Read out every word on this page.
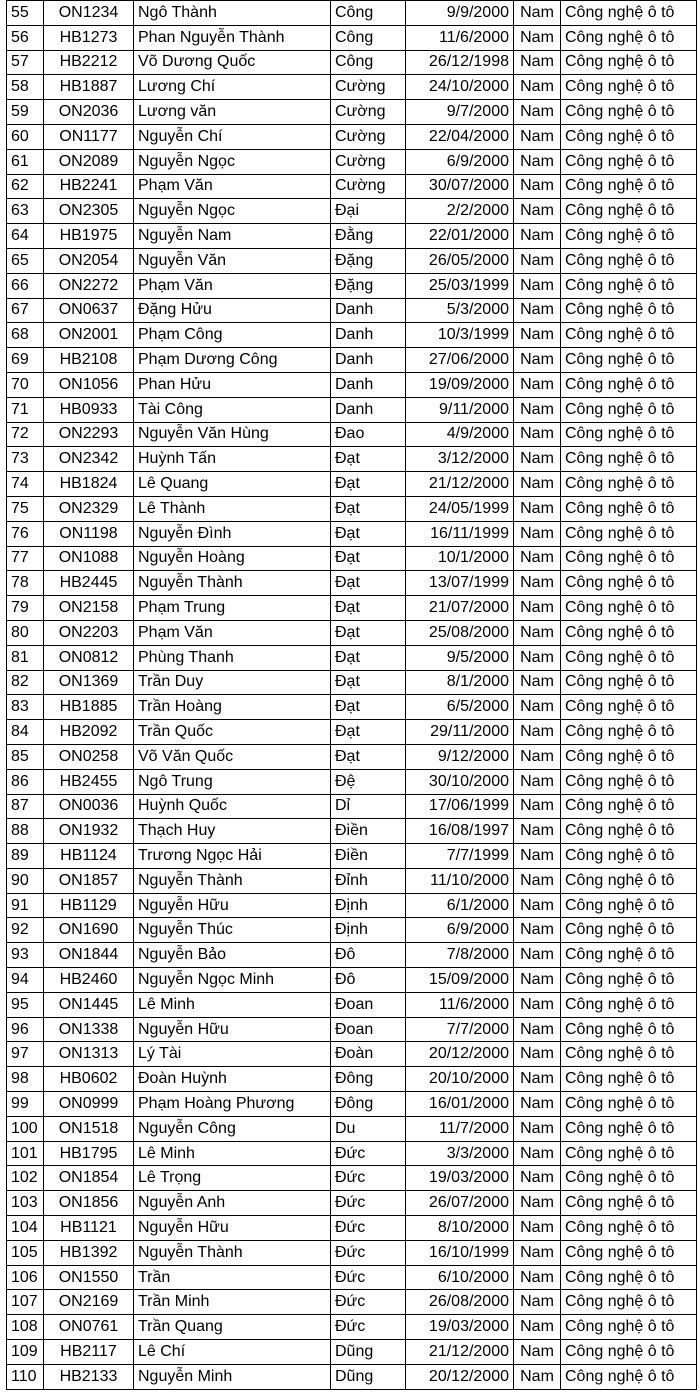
55	ON1234	Ngô Thành	Công	9/9/2000	Nam	Công nghệ ô tô
56	HB1273	Phan Nguyễn Thành	Công	11/6/2000	Nam	Công nghệ ô tô
57	HB2212	Võ Dương Quốc	Công	26/12/1998	Nam	Công nghệ ô tô
58	HB1887	Lương Chí	Cường	24/10/2000	Nam	Công nghệ ô tô
59	ON2036	Lương văn	Cường	9/7/2000	Nam	Công nghệ ô tô
60	ON1177	Nguyễn Chí	Cường	22/04/2000	Nam	Công nghệ ô tô
61	ON2089	Nguyễn Ngọc	Cường	6/9/2000	Nam	Công nghệ ô tô
62	HB2241	Phạm Văn	Cường	30/07/2000	Nam	Công nghệ ô tô
63	ON2305	Nguyễn Ngọc	Đại	2/2/2000	Nam	Công nghệ ô tô
64	HB1975	Nguyễn Nam	Đằng	22/01/2000	Nam	Công nghệ ô tô
65	ON2054	Nguyễn Văn	Đặng	26/05/2000	Nam	Công nghệ ô tô
66	ON2272	Phạm Văn	Đặng	25/03/1999	Nam	Công nghệ ô tô
67	ON0637	Đặng Hửu	Danh	5/3/2000	Nam	Công nghệ ô tô
68	ON2001	Phạm Công	Danh	10/3/1999	Nam	Công nghệ ô tô
69	HB2108	Phạm Dương Công	Danh	27/06/2000	Nam	Công nghệ ô tô
70	ON1056	Phan Hửu	Danh	19/09/2000	Nam	Công nghệ ô tô
71	HB0933	Tài Công	Danh	9/11/2000	Nam	Công nghệ ô tô
72	ON2293	Nguyễn Văn Hùng	Đao	4/9/2000	Nam	Công nghệ ô tô
73	ON2342	Huỳnh Tấn	Đạt	3/12/2000	Nam	Công nghệ ô tô
74	HB1824	Lê Quang	Đạt	21/12/2000	Nam	Công nghệ ô tô
75	ON2329	Lê Thành	Đạt	24/05/1999	Nam	Công nghệ ô tô
76	ON1198	Nguyễn Đình	Đạt	16/11/1999	Nam	Công nghệ ô tô
77	ON1088	Nguyễn Hoàng	Đạt	10/1/2000	Nam	Công nghệ ô tô
78	HB2445	Nguyễn Thành	Đạt	13/07/1999	Nam	Công nghệ ô tô
79	ON2158	Phạm Trung	Đạt	21/07/2000	Nam	Công nghệ ô tô
80	ON2203	Phạm Văn	Đạt	25/08/2000	Nam	Công nghệ ô tô
81	ON0812	Phùng Thanh	Đạt	9/5/2000	Nam	Công nghệ ô tô
82	ON1369	Trần Duy	Đạt	8/1/2000	Nam	Công nghệ ô tô
83	HB1885	Trần Hoàng	Đạt	6/5/2000	Nam	Công nghệ ô tô
84	HB2092	Trần Quốc	Đạt	29/11/2000	Nam	Công nghệ ô tô
85	ON0258	Võ Văn Quốc	Đạt	9/12/2000	Nam	Công nghệ ô tô
86	HB2455	Ngô Trung	Đệ	30/10/2000	Nam	Công nghệ ô tô
87	ON0036	Huỳnh Quốc	Dỉ	17/06/1999	Nam	Công nghệ ô tô
88	ON1932	Thạch Huy	Điền	16/08/1997	Nam	Công nghệ ô tô
89	HB1124	Trương Ngọc Hải	Điền	7/7/1999	Nam	Công nghệ ô tô
90	ON1857	Nguyễn Thành	Đỉnh	11/10/2000	Nam	Công nghệ ô tô
91	HB1129	Nguyễn Hữu	Định	6/1/2000	Nam	Công nghệ ô tô
92	ON1690	Nguyễn Thúc	Định	6/9/2000	Nam	Công nghệ ô tô
93	ON1844	Nguyễn Bảo	Đô	7/8/2000	Nam	Công nghệ ô tô
94	HB2460	Nguyễn Ngọc Minh	Đô	15/09/2000	Nam	Công nghệ ô tô
95	ON1445	Lê Minh	Đoan	11/6/2000	Nam	Công nghệ ô tô
96	ON1338	Nguyễn Hữu	Đoan	7/7/2000	Nam	Công nghệ ô tô
97	ON1313	Lý Tài	Đoàn	20/12/2000	Nam	Công nghệ ô tô
98	HB0602	Đoàn Huỳnh	Đông	20/10/2000	Nam	Công nghệ ô tô
99	ON0999	Phạm Hoàng Phương	Đông	16/01/2000	Nam	Công nghệ ô tô
100	ON1518	Nguyễn Công	Du	11/7/2000	Nam	Công nghệ ô tô
101	HB1795	Lê Minh	Đức	3/3/2000	Nam	Công nghệ ô tô
102	ON1854	Lê Trọng	Đức	19/03/2000	Nam	Công nghệ ô tô
103	ON1856	Nguyễn Anh	Đức	26/07/2000	Nam	Công nghệ ô tô
104	HB1121	Nguyễn Hữu	Đức	8/10/2000	Nam	Công nghệ ô tô
105	HB1392	Nguyễn Thành	Đức	16/10/1999	Nam	Công nghệ ô tô
106	ON1550	Trần	Đức	6/10/2000	Nam	Công nghệ ô tô
107	ON2169	Trần Minh	Đức	26/08/2000	Nam	Công nghệ ô tô
108	ON0761	Trần Quang	Đức	19/03/2000	Nam	Công nghệ ô tô
109	HB2117	Lê Chí	Dũng	21/12/2000	Nam	Công nghệ ô tô
110	HB2133	Nguyễn Minh	Dũng	20/12/2000	Nam	Công nghệ ô tô
